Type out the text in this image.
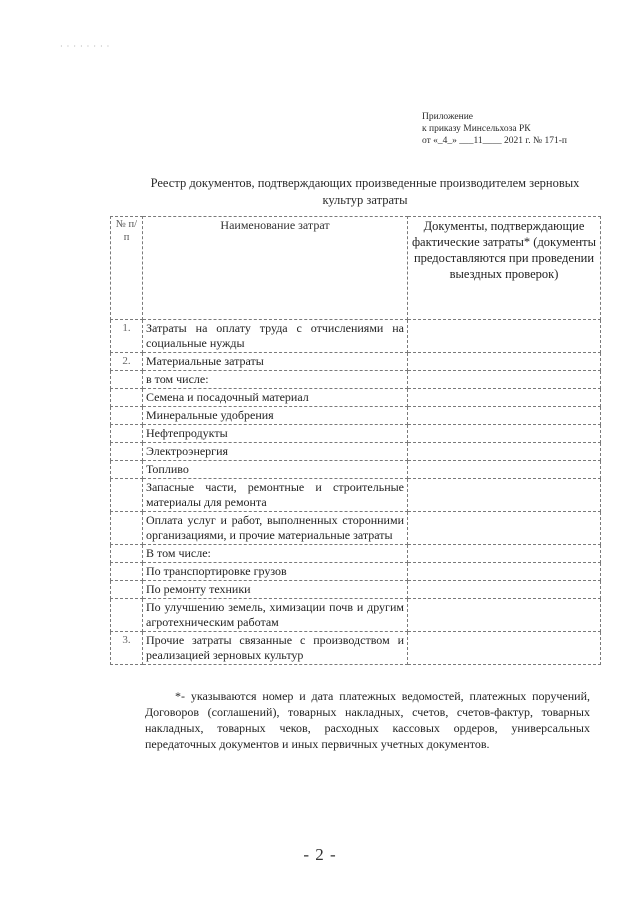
· · · · · · · ·
Приложение
к приказу Минсельхоза РК
от «_4_» ___11____ 2021 г. № 171-п
Реестр документов, подтверждающих произведенные производителем зерновых культур затраты
№ п/п	Наименование затрат	Документы, подтверждающие фактические затраты* (документы предоставляются при проведении выездных проверок)
1.	Затраты на оплату труда с отчислениями на социальные нужды	
2.	Материальные затраты	
	в том числе:	
	Семена и посадочный материал	
	Минеральные удобрения	
	Нефтепродукты	
	Электроэнергия	
	Топливо	
	Запасные части, ремонтные и строительные материалы для ремонта	
	Оплата услуг и работ, выполненных сторонними организациями, и прочие материальные затраты	
	В том числе:	
	По транспортировке грузов	
	По ремонту техники	
	По улучшению земель, химизации почв и другим агротехническим работам	
3.	Прочие затраты связанные с производством и реализацией зерновых культур	
*- указываются номер и дата платежных ведомостей, платежных поручений, Договоров (соглашений), товарных накладных, счетов, счетов-фактур, товарных накладных, товарных чеков, расходных кассовых ордеров, универсальных передаточных документов и иных первичных учетных документов.
- 2 -
